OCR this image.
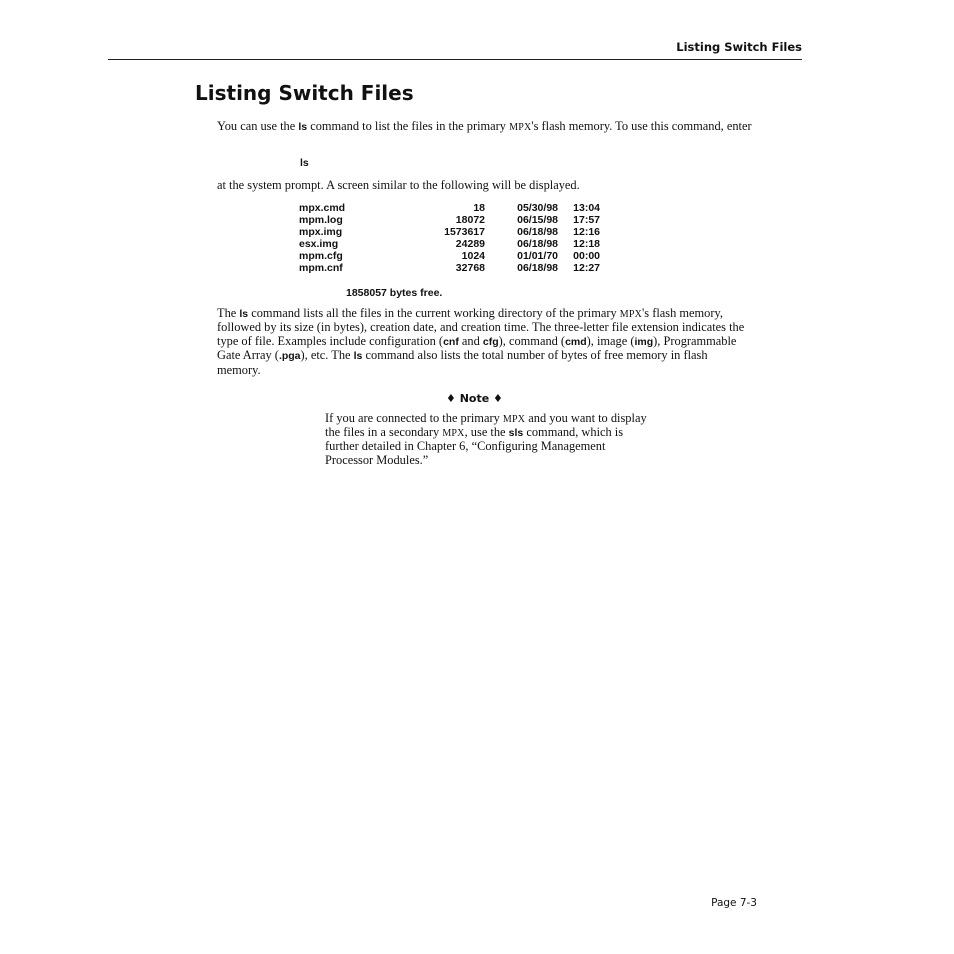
Listing Switch Files
Listing Switch Files

You can use the ls command to list the files in the primary MPX's flash memory. To use this command, enter

ls

at the system prompt. A screen similar to the following will be displayed.

mpx.cmd	18	05/30/98	13:04
mpm.log	18072	06/15/98	17:57
mpx.img	1573617	06/18/98	12:16
esx.img	24289	06/18/98	12:18
mpm.cfg	1024	01/01/70	00:00
mpm.cnf	32768	06/18/98	12:27
1858057 bytes free.

The ls command lists all the files in the current working directory of the primary MPX's flash memory, followed by its size (in bytes), creation date, and creation time. The three-letter file extension indicates the type of file. Examples include configuration (cnf and cfg), command (cmd), image (img), Programmable Gate Array (.pga), etc. The ls command also lists the total number of bytes of free memory in flash memory.

♦ Note ♦

If you are connected to the primary MPX and you want to display the files in a secondary MPX, use the sls command, which is further detailed in Chapter 6, “Configuring Management Processor Modules.”

Page 7-3
